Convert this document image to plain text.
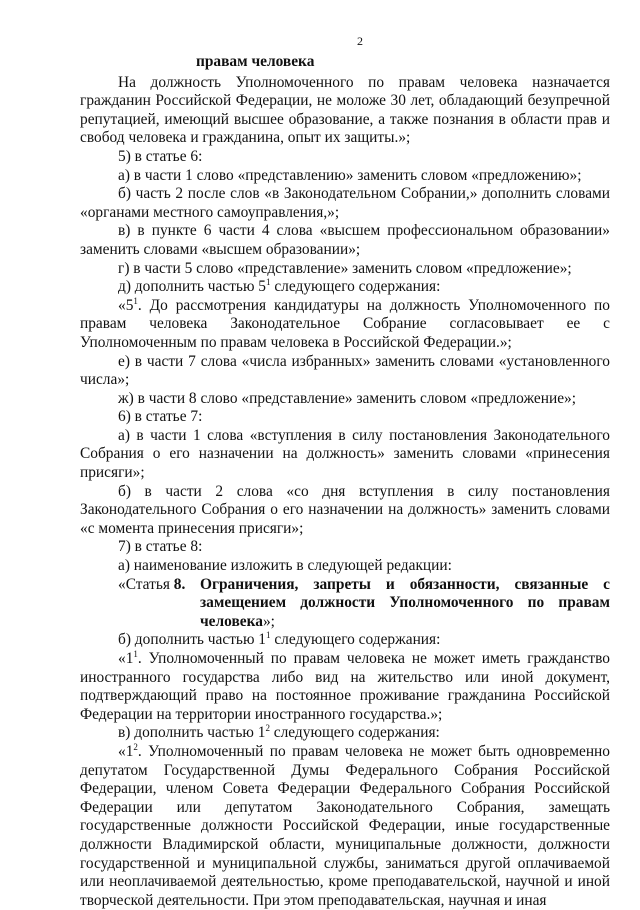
2

правам человека

На должность Уполномоченного по правам человека назначается гражданин Российской Федерации, не моложе 30 лет, обладающий безупречной репутацией, имеющий высшее образование, а также познания в области прав и свобод человека и гражданина, опыт их защиты.»;

5) в статье 6:

а) в части 1 слово «представлению» заменить словом «предложению»;

б) часть 2 после слов «в Законодательном Собрании,» дополнить словами «органами местного самоуправления,»;

в) в пункте 6 части 4 слова «высшем профессиональном образовании» заменить словами «высшем образовании»;

г) в части 5 слово «представление» заменить словом «предложение»;

д) дополнить частью $5^1$ следующего содержания:

«$5^1$. До рассмотрения кандидатуры на должность Уполномоченного по правам человека Законодательное Собрание согласовывает ее с Уполномоченным по правам человека в Российской Федерации.»;

е) в части 7 слова «числа избранных» заменить словами «установленного числа»;

ж) в части 8 слово «представление» заменить словом «предложение»;

6) в статье 7:

а) в части 1 слова «вступления в силу постановления Законодательного Собрания о его назначении на должность» заменить словами «принесения присяги»;

б) в части 2 слова «со дня вступления в силу постановления Законодательного Собрания о его назначении на должность» заменить словами «с момента принесения присяги»;

7) в статье 8:

а) наименование изложить в следующей редакции:

«Статья 8. Ограничения, запреты и обязанности, связанные с замещением должности Уполномоченного по правам человека»;

б) дополнить частью $1^1$ следующего содержания:

«$1^1$. Уполномоченный по правам человека не может иметь гражданство иностранного государства либо вид на жительство или иной документ, подтверждающий право на постоянное проживание гражданина Российской Федерации на территории иностранного государства.»;

в) дополнить частью $1^2$ следующего содержания:

«$1^2$. Уполномоченный по правам человека не может быть одновременно депутатом Государственной Думы Федерального Собрания Российской Федерации, членом Совета Федерации Федерального Собрания Российской Федерации или депутатом Законодательного Собрания, замещать государственные должности Российской Федерации, иные государственные должности Владимирской области, муниципальные должности, должности государственной и муниципальной службы, заниматься другой оплачиваемой или неоплачиваемой деятельностью, кроме преподавательской, научной и иной творческой деятельности. При этом преподавательская, научная и иная
